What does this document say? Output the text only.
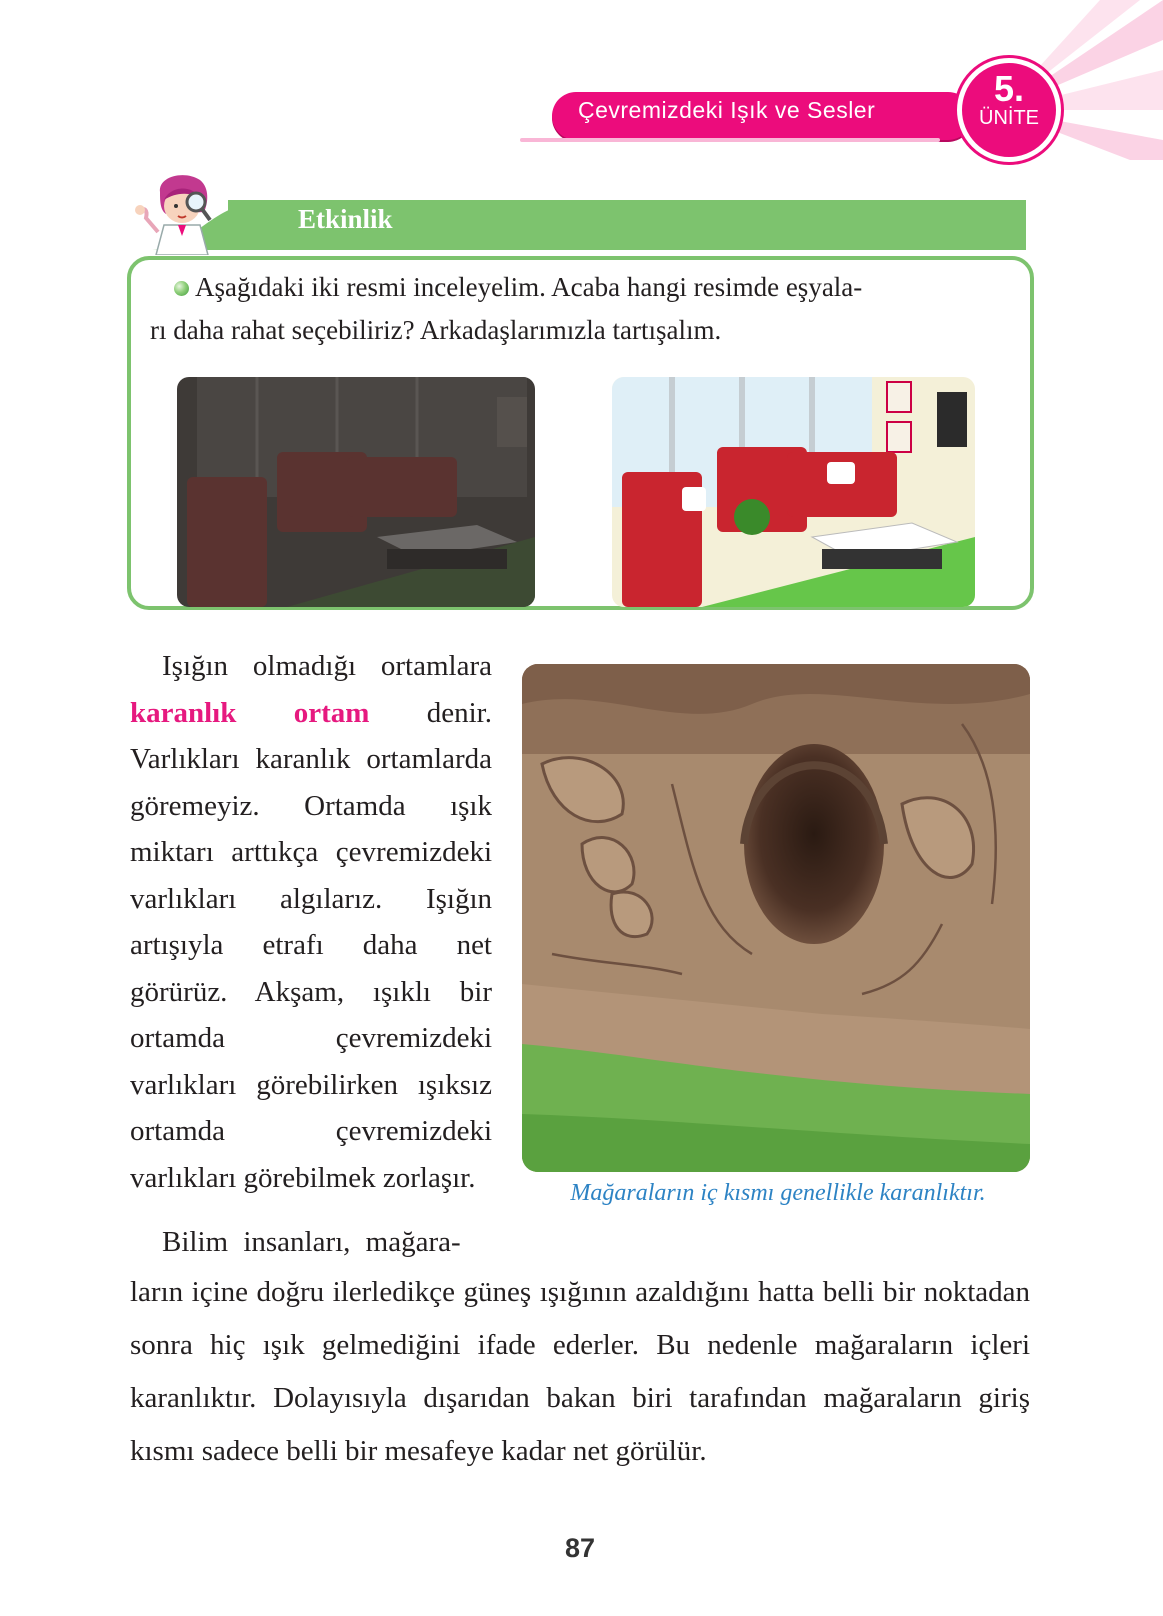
Çevremizdeki Işık ve Sesler
5.
ÜNİTE
Etkinlik
Aşağıdaki iki resmi inceleyelim. Acaba hangi resimde eşyala-
rı daha rahat seçebiliriz? Arkadaşlarımızla tartışalım.
Işığın olmadığı ortamlara karanlık ortam denir. Varlıkları karanlık ortamlarda göremeyiz. Ortamda ışık miktarı arttıkça çevremizdeki varlıkları algılarız. Işığın artışıyla etrafı daha net görürüz. Akşam, ışıklı bir ortamda çevremizdeki varlıkları görebilirken ışıksız ortamda çevremizdeki varlıkları görebilmek zorlaşır.	Mağaraların iç kısmı genellikle karanlıktır.
Bilim insanları, mağara-
ların içine doğru ilerledikçe güneş ışığının azaldığını hatta belli bir noktadan sonra hiç ışık gelmediğini ifade ederler. Bu nedenle mağaraların içleri karanlıktır. Dolayısıyla dışarıdan bakan biri tarafından mağaraların giriş kısmı sadece belli bir mesafeye kadar net görülür.
87
